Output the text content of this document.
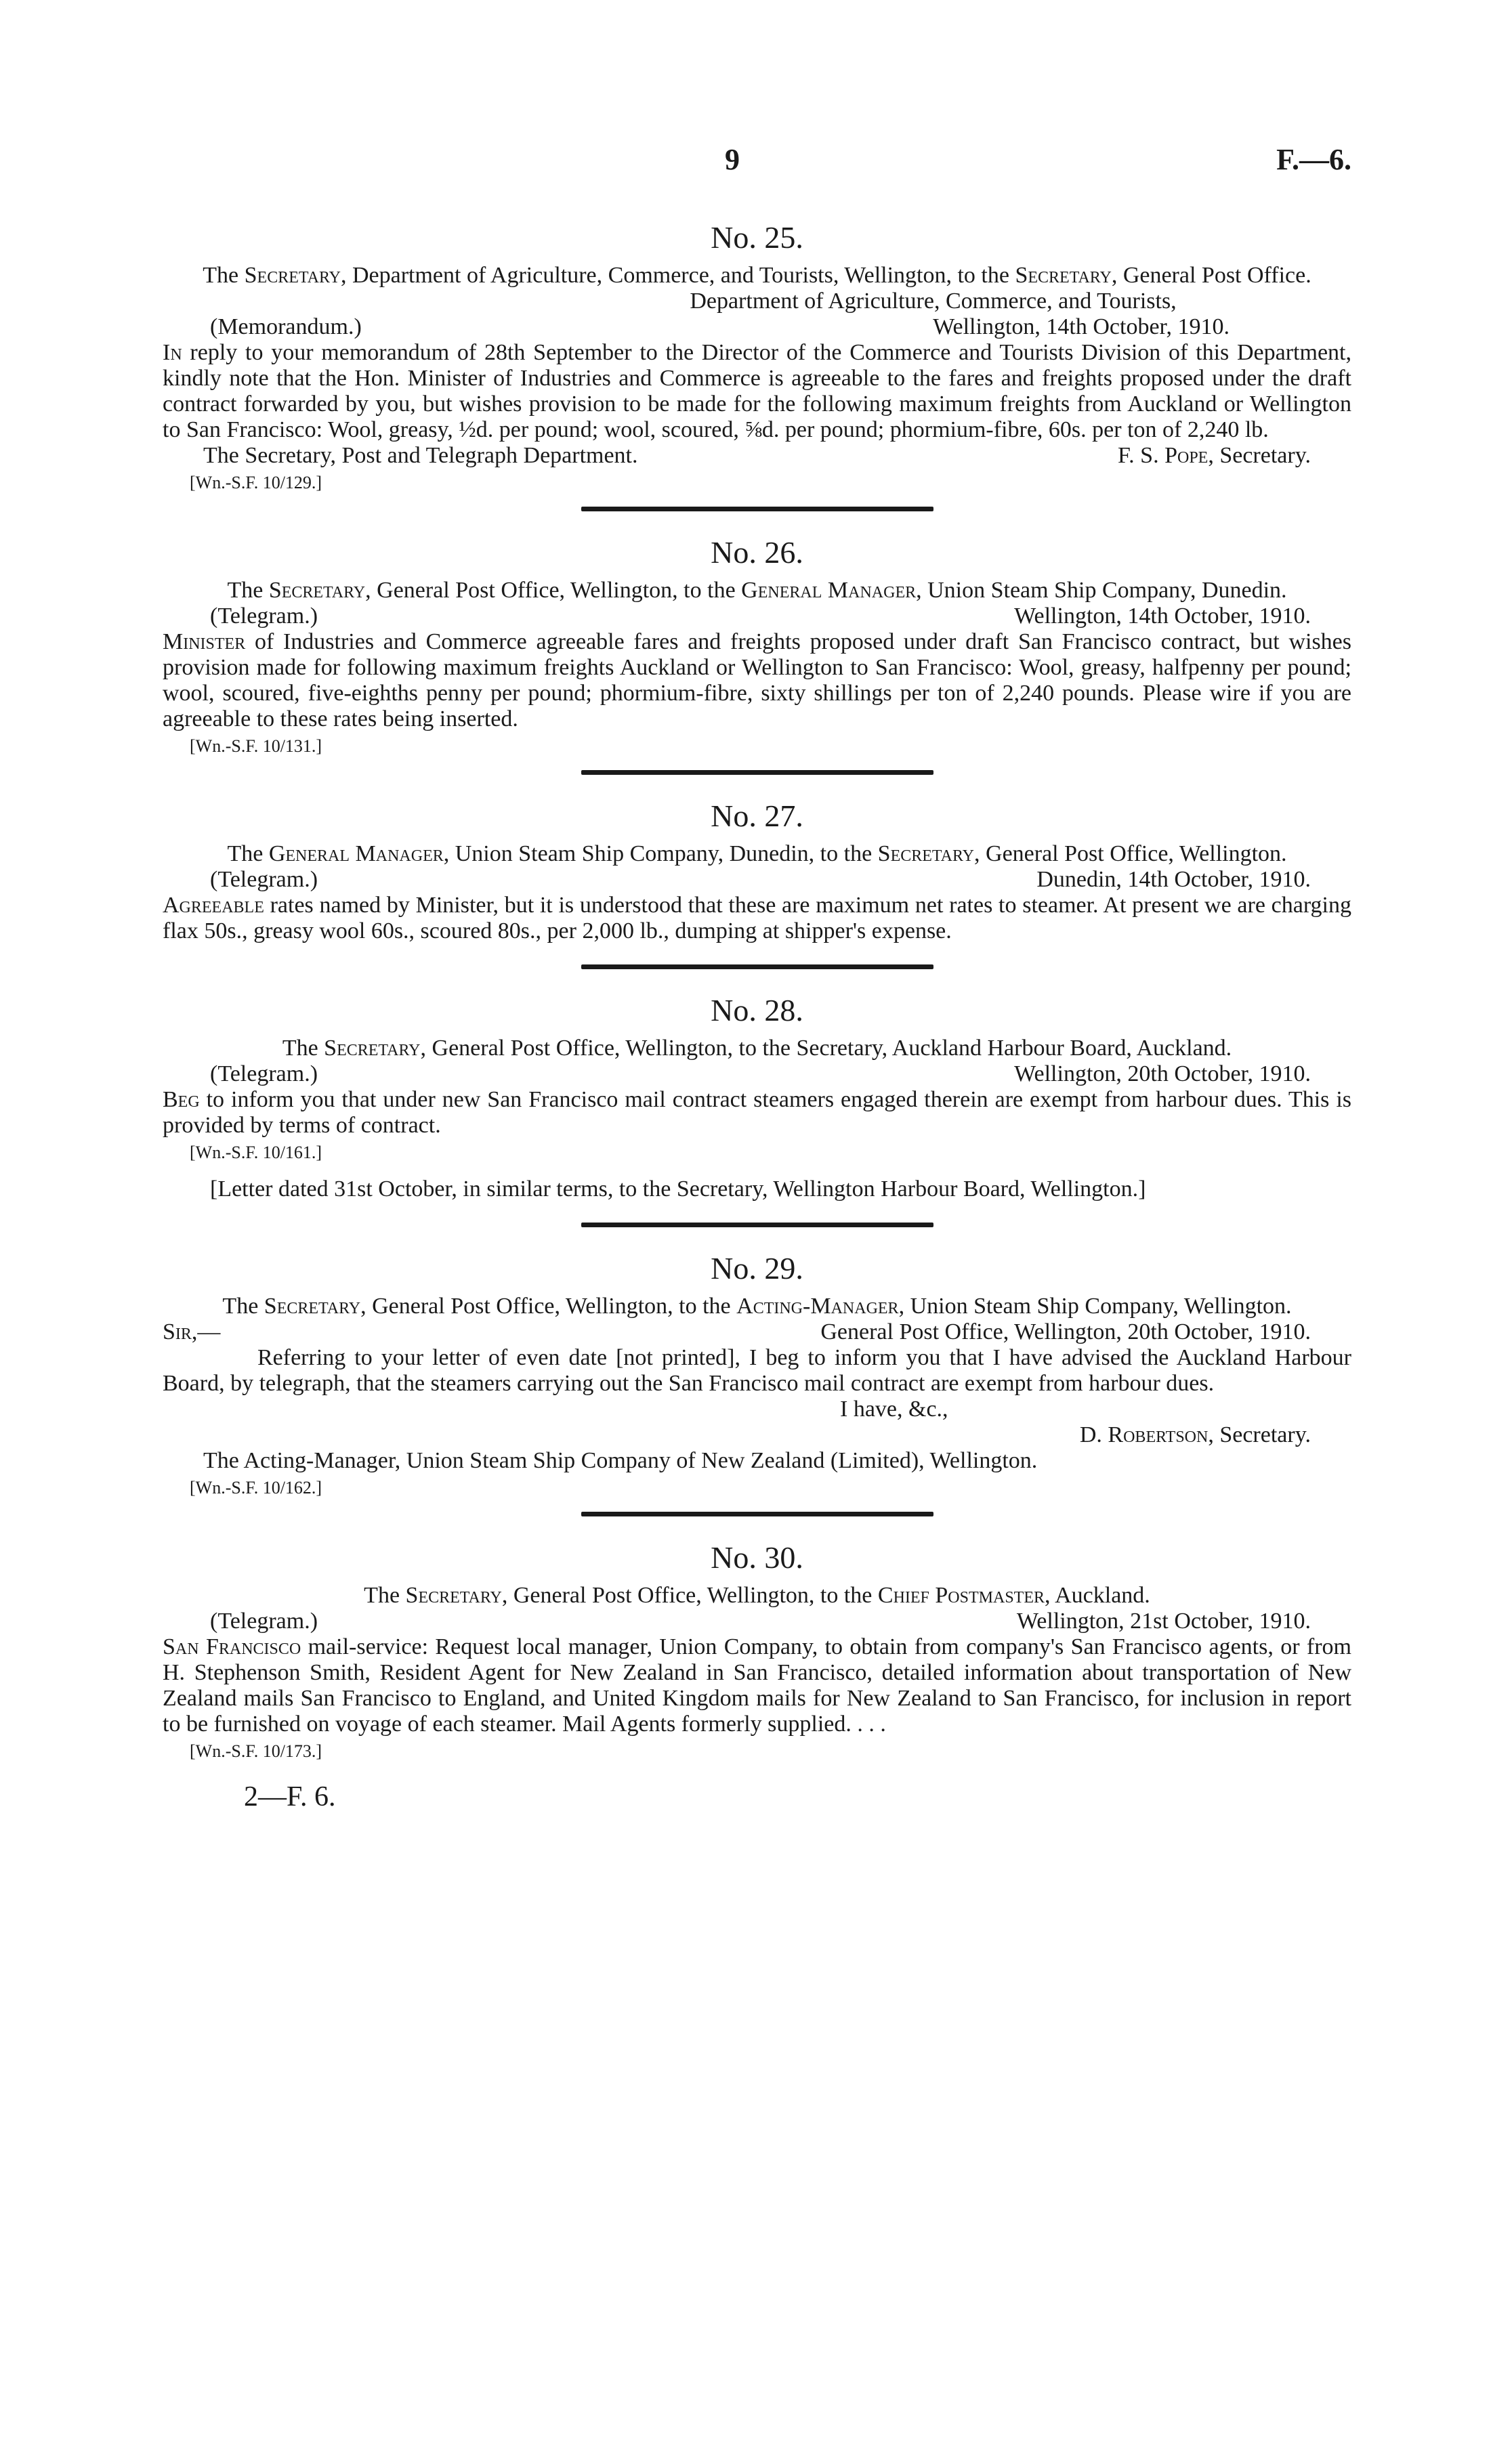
9	F.—6.
No. 25.
The Secretary, Department of Agriculture, Commerce, and Tourists, Wellington, to the Secretary, General Post Office.
Department of Agriculture, Commerce, and Tourists,
(Memorandum.)	Wellington, 14th October, 1910.
In reply to your memorandum of 28th September to the Director of the Commerce and Tourists Division of this Department, kindly note that the Hon. Minister of Industries and Commerce is agreeable to the fares and freights proposed under the draft contract forwarded by you, but wishes provision to be made for the following maximum freights from Auckland or Wellington to San Francisco: Wool, greasy, ½d. per pound; wool, scoured, ⅝d. per pound; phormium-fibre, 60s. per ton of 2,240 lb.
The Secretary, Post and Telegraph Department.	F. S. Pope, Secretary.
[Wn.-S.F. 10/129.]
No. 26.
The Secretary, General Post Office, Wellington, to the General Manager, Union Steam Ship Company, Dunedin.
(Telegram.)	Wellington, 14th October, 1910.
Minister of Industries and Commerce agreeable fares and freights proposed under draft San Francisco contract, but wishes provision made for following maximum freights Auckland or Wellington to San Francisco: Wool, greasy, halfpenny per pound; wool, scoured, five-eighths penny per pound; phormium-fibre, sixty shillings per ton of 2,240 pounds. Please wire if you are agreeable to these rates being inserted.
[Wn.-S.F. 10/131.]
No. 27.
The General Manager, Union Steam Ship Company, Dunedin, to the Secretary, General Post Office, Wellington.
(Telegram.)	Dunedin, 14th October, 1910.
Agreeable rates named by Minister, but it is understood that these are maximum net rates to steamer. At present we are charging flax 50s., greasy wool 60s., scoured 80s., per 2,000 lb., dumping at shipper's expense.
No. 28.
The Secretary, General Post Office, Wellington, to the Secretary, Auckland Harbour Board, Auckland.
(Telegram.)	Wellington, 20th October, 1910.
Beg to inform you that under new San Francisco mail contract steamers engaged therein are exempt from harbour dues. This is provided by terms of contract.
[Wn.-S.F. 10/161.]
[Letter dated 31st October, in similar terms, to the Secretary, Wellington Harbour Board, Wellington.]
No. 29.
The Secretary, General Post Office, Wellington, to the Acting-Manager, Union Steam Ship Company, Wellington.
Sir,—	General Post Office, Wellington, 20th October, 1910.
Referring to your letter of even date [not printed], I beg to inform you that I have advised the Auckland Harbour Board, by telegraph, that the steamers carrying out the San Francisco mail contract are exempt from harbour dues.
I have, &c.,
D. Robertson, Secretary.
The Acting-Manager, Union Steam Ship Company of New Zealand (Limited), Wellington.
[Wn.-S.F. 10/162.]
No. 30.
The Secretary, General Post Office, Wellington, to the Chief Postmaster, Auckland.
(Telegram.)	Wellington, 21st October, 1910.
San Francisco mail-service: Request local manager, Union Company, to obtain from company's San Francisco agents, or from H. Stephenson Smith, Resident Agent for New Zealand in San Francisco, detailed information about transportation of New Zealand mails San Francisco to England, and United Kingdom mails for New Zealand to San Francisco, for inclusion in report to be furnished on voyage of each steamer. Mail Agents formerly supplied. . . .
[Wn.-S.F. 10/173.]
2—F. 6.
